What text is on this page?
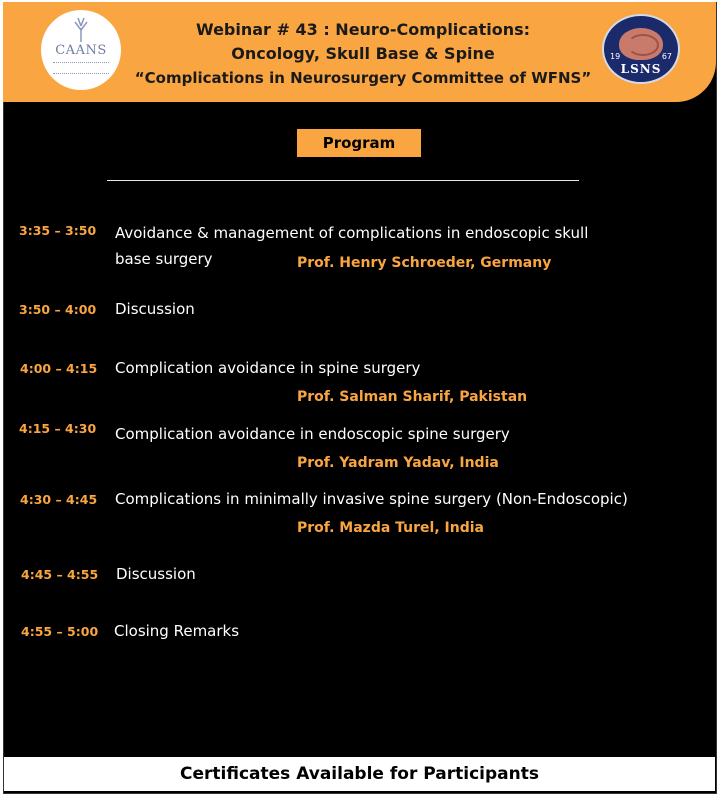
CAANS
Webinar # 43 : Neuro-Complications:
Oncology, Skull Base & Spine
“Complications in Neurosurgery Committee of WFNS”
19	67
LSNS
Program
3:35 – 3:50 Avoidance & management of complications in endoscopic skull
base surgery	Prof. Henry Schroeder, Germany
3:50 – 4:00 Discussion
4:00 – 4:15 Complication avoidance in spine surgery
Prof. Salman Sharif, Pakistan
4:15 – 4:30 Complication avoidance in endoscopic spine surgery
Prof. Yadram Yadav, India
4:30 – 4:45 Complications in minimally invasive spine surgery (Non-Endoscopic)
Prof. Mazda Turel, India
4:45 – 4:55 Discussion
4:55 – 5:00 Closing Remarks
Certificates Available for Participants
